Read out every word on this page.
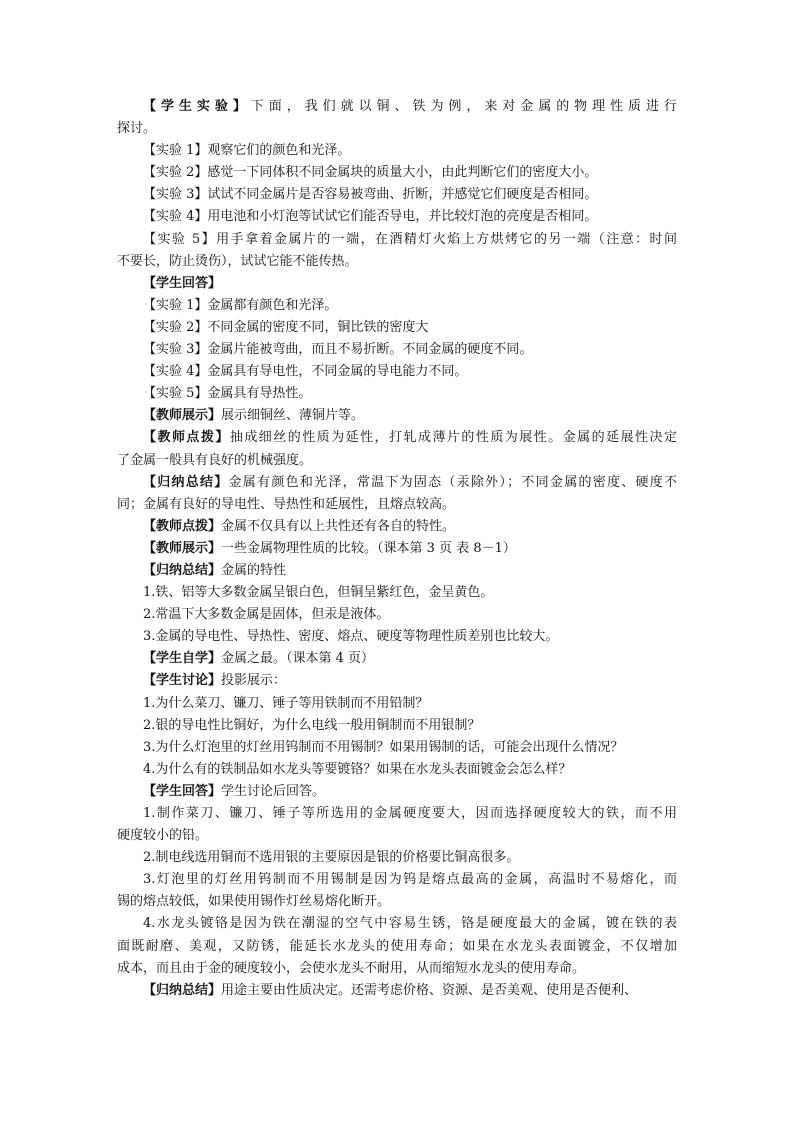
【学生实验】下面，我们就以铜、铁为例，来对金属的物理性质进行
探讨。
【实验 1】观察它们的颜色和光泽。
【实验 2】感觉一下同体积不同金属块的质量大小，由此判断它们的密度大小。
【实验 3】试试不同金属片是否容易被弯曲、折断，并感觉它们硬度是否相同。
【实验 4】用电池和小灯泡等试试它们能否导电，并比较灯泡的亮度是否相同。
【实验 5】用手拿着金属片的一端，在酒精灯火焰上方烘烤它的另一端（注意：时间
不要长，防止烫伤），试试它能不能传热。
【学生回答】
【实验 1】金属都有颜色和光泽。
【实验 2】不同金属的密度不同，铜比铁的密度大
【实验 3】金属片能被弯曲，而且不易折断。不同金属的硬度不同。
【实验 4】金属具有导电性，不同金属的导电能力不同。
【实验 5】金属具有导热性。
【教师展示】展示细铜丝、薄铜片等。
【教师点拨】抽成细丝的性质为延性，打轧成薄片的性质为展性。金属的延展性决定
了金属一般具有良好的机械强度。
【归纳总结】金属有颜色和光泽，常温下为固态（汞除外）；不同金属的密度、硬度不
同；金属有良好的导电性、导热性和延展性，且熔点较高。
【教师点拨】金属不仅具有以上共性还有各自的特性。
【教师展示】一些金属物理性质的比较。（课本第 3 页 表 8－1）
【归纳总结】金属的特性
1.铁、铝等大多数金属呈银白色，但铜呈紫红色，金呈黄色。
2.常温下大多数金属是固体，但汞是液体。
3.金属的导电性、导热性、密度、熔点、硬度等物理性质差别也比较大。
【学生自学】金属之最。（课本第 4 页）
【学生讨论】投影展示：
1.为什么菜刀、镰刀、锤子等用铁制而不用铅制？
2.银的导电性比铜好，为什么电线一般用铜制而不用银制？
3.为什么灯泡里的灯丝用钨制而不用锡制？如果用锡制的话，可能会出现什么情况？
4.为什么有的铁制品如水龙头等要镀铬？如果在水龙头表面镀金会怎么样？
【学生回答】学生讨论后回答。
1.制作菜刀、镰刀、锤子等所选用的金属硬度要大，因而选择硬度较大的铁，而不用
硬度较小的铅。
2.制电线选用铜而不选用银的主要原因是银的价格要比铜高很多。
3.灯泡里的灯丝用钨制而不用锡制是因为钨是熔点最高的金属，高温时不易熔化，而
锡的熔点较低，如果使用锡作灯丝易熔化断开。
4.水龙头镀铬是因为铁在潮湿的空气中容易生锈，铬是硬度最大的金属，镀在铁的表
面既耐磨、美观，又防锈，能延长水龙头的使用寿命；如果在水龙头表面镀金，不仅增加
成本，而且由于金的硬度较小，会使水龙头不耐用，从而缩短水龙头的使用寿命。
【归纳总结】用途主要由性质决定。还需考虑价格、资源、是否美观、使用是否便利、
